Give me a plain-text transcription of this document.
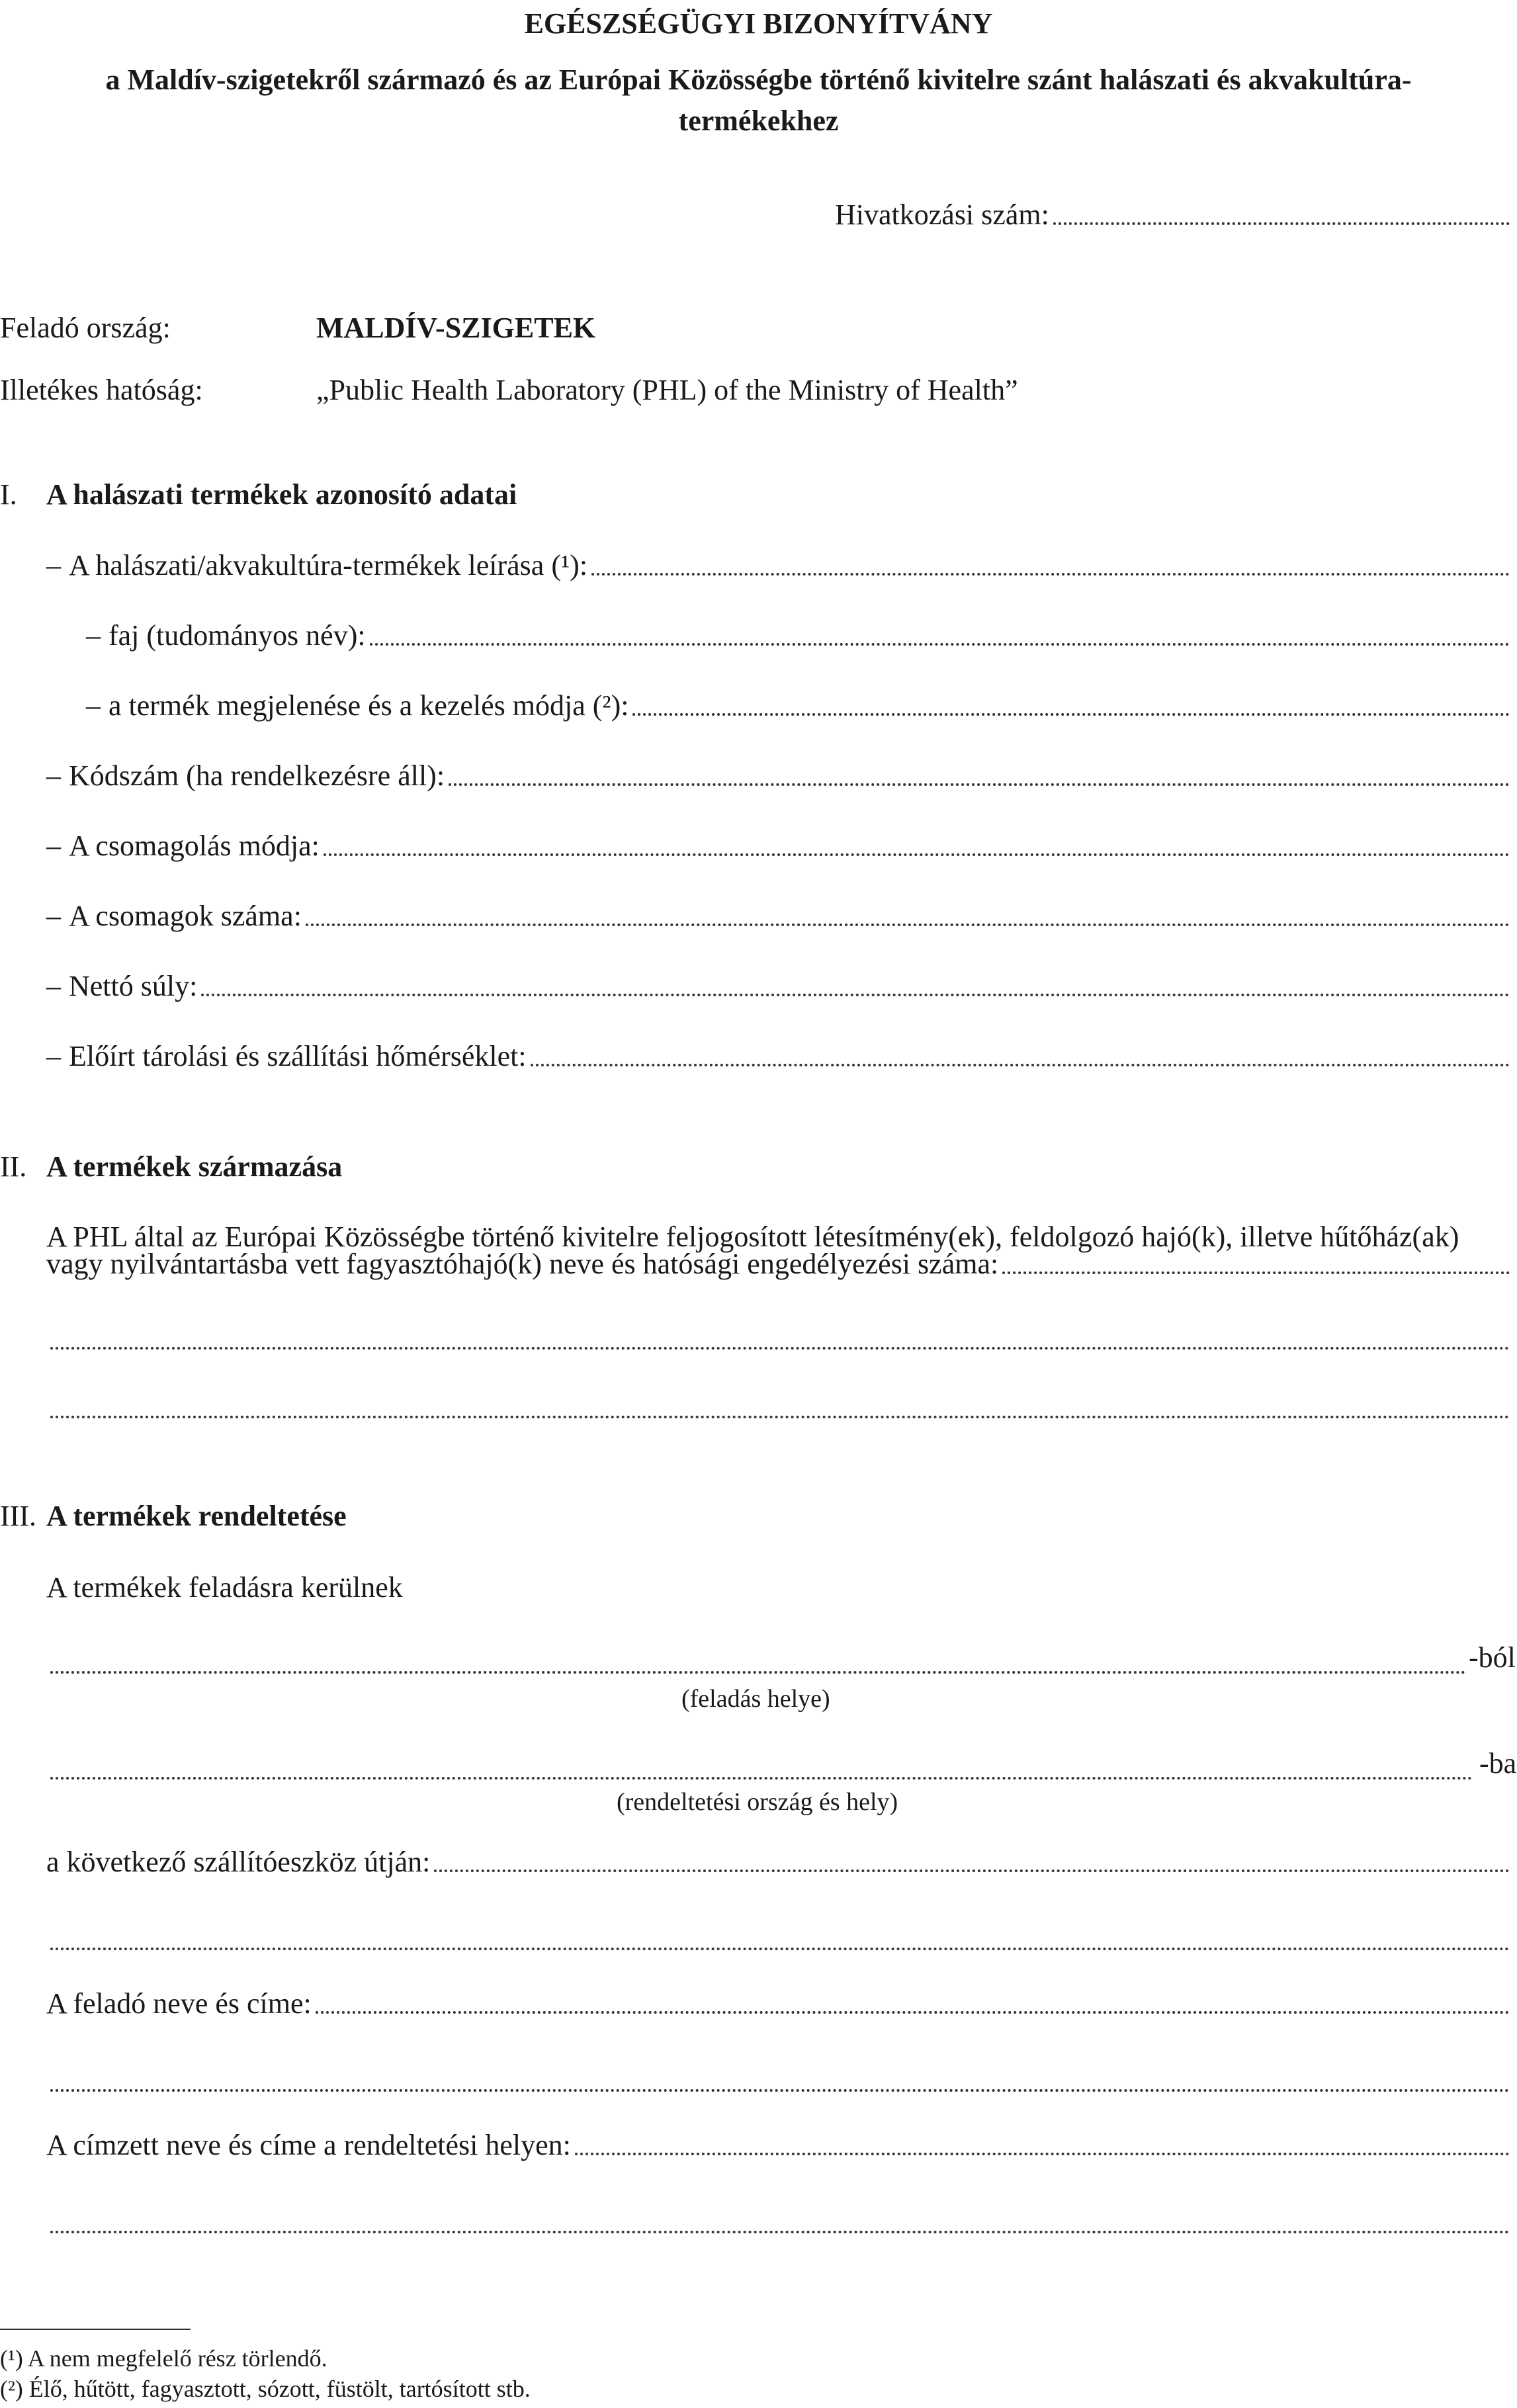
EGÉSZSÉGÜGYI BIZONYÍTVÁNY
a Maldív-szigetekről származó és az Európai Közösségbe történő kivitelre szánt halászati és akvakultúra-termékekhez
Hivatkozási szám:
Feladó ország:	MALDÍV-SZIGETEK
Illetékes hatóság:	„Public Health Laboratory (PHL) of the Ministry of Health”
I. A halászati termékek azonosító adatai
– A halászati/akvakultúra-termékek leírása (¹):
– faj (tudományos név):
– a termék megjelenése és a kezelés módja (²):
– Kódszám (ha rendelkezésre áll):
– A csomagolás módja:
– A csomagok száma:
– Nettó súly:
– Előírt tárolási és szállítási hőmérséklet:
II. A termékek származása
A PHL által az Európai Közösségbe történő kivitelre feljogosított létesítmény(ek), feldolgozó hajó(k), illetve hűtőház(ak)
vagy nyilvántartásba vett fagyasztóhajó(k) neve és hatósági engedélyezési száma:
III. A termékek rendeltetése
A termékek feladásra kerülnek
-ból
(feladás helye)
-ba
(rendeltetési ország és hely)
a következő szállítóeszköz útján:
A feladó neve és címe:
A címzett neve és címe a rendeltetési helyen:
(¹) A nem megfelelő rész törlendő.
(²) Élő, hűtött, fagyasztott, sózott, füstölt, tartósított stb.
